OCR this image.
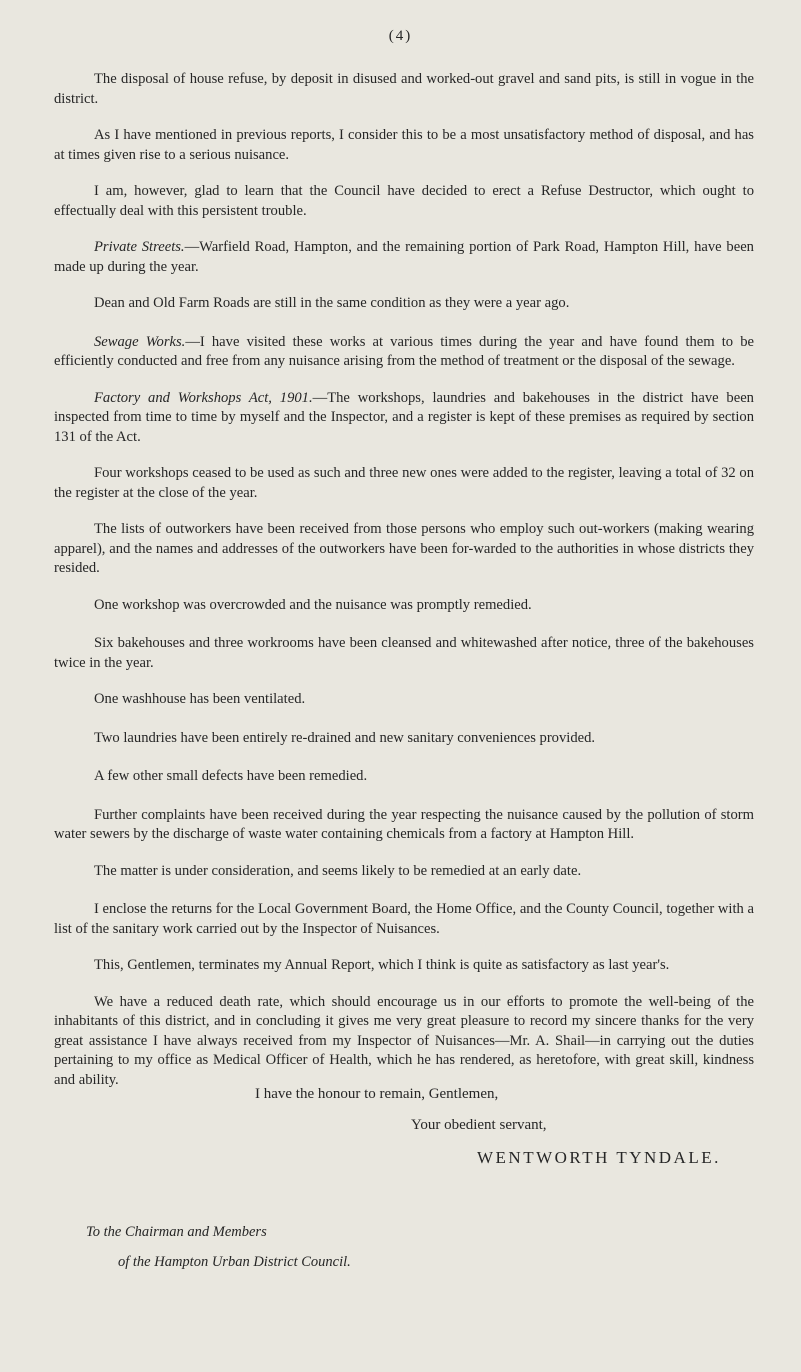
(4)

The disposal of house refuse, by deposit in disused and worked-out gravel and sand pits, is still in vogue in the district.

As I have mentioned in previous reports, I consider this to be a most unsatisfactory method of disposal, and has at times given rise to a serious nuisance.

I am, however, glad to learn that the Council have decided to erect a Refuse Destructor, which ought to effectually deal with this persistent trouble.

Private Streets.—Warfield Road, Hampton, and the remaining portion of Park Road, Hampton Hill, have been made up during the year.

Dean and Old Farm Roads are still in the same condition as they were a year ago.

Sewage Works.—I have visited these works at various times during the year and have found them to be efficiently conducted and free from any nuisance arising from the method of treatment or the disposal of the sewage.

Factory and Workshops Act, 1901.—The workshops, laundries and bakehouses in the district have been inspected from time to time by myself and the Inspector, and a register is kept of these premises as required by section 131 of the Act.

Four workshops ceased to be used as such and three new ones were added to the register, leaving a total of 32 on the register at the close of the year.

The lists of outworkers have been received from those persons who employ such out-workers (making wearing apparel), and the names and addresses of the outworkers have been for-warded to the authorities in whose districts they resided.

One workshop was overcrowded and the nuisance was promptly remedied.

Six bakehouses and three workrooms have been cleansed and whitewashed after notice, three of the bakehouses twice in the year.

One washhouse has been ventilated.

Two laundries have been entirely re-drained and new sanitary conveniences provided.

A few other small defects have been remedied.

Further complaints have been received during the year respecting the nuisance caused by the pollution of storm water sewers by the discharge of waste water containing chemicals from a factory at Hampton Hill.

The matter is under consideration, and seems likely to be remedied at an early date.

I enclose the returns for the Local Government Board, the Home Office, and the County Council, together with a list of the sanitary work carried out by the Inspector of Nuisances.

This, Gentlemen, terminates my Annual Report, which I think is quite as satisfactory as last year's.

We have a reduced death rate, which should encourage us in our efforts to promote the well-being of the inhabitants of this district, and in concluding it gives me very great pleasure to record my sincere thanks for the very great assistance I have always received from my Inspector of Nuisances—Mr. A. Shail—in carrying out the duties pertaining to my office as Medical Officer of Health, which he has rendered, as heretofore, with great skill, kindness and ability.

I have the honour to remain, Gentlemen,
Your obedient servant,
WENTWORTH TYNDALE.
To the Chairman and Members
of the Hampton Urban District Council.
